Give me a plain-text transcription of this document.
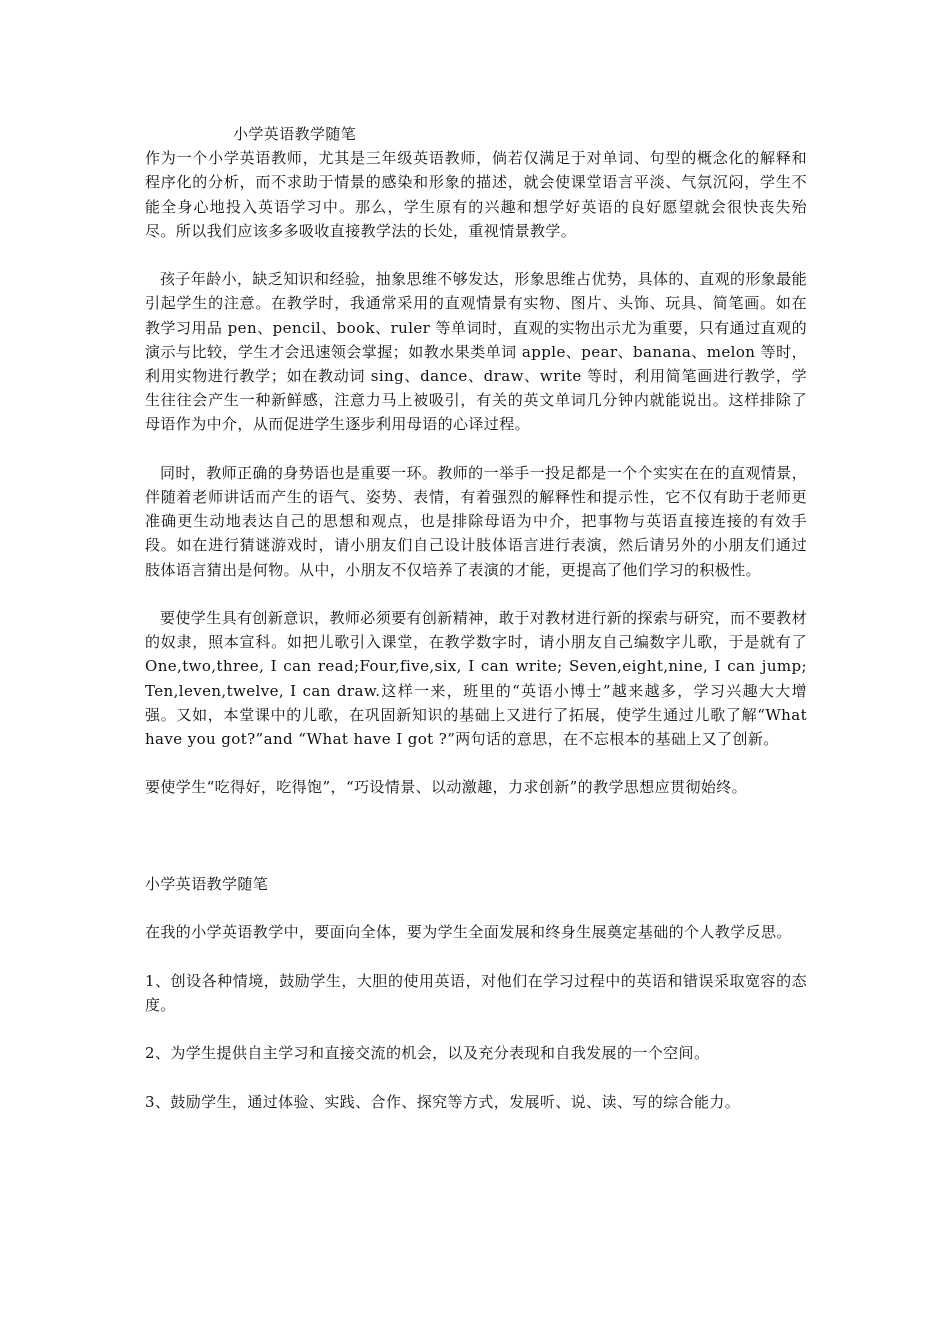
小学英语教学随笔

作为一个小学英语教师，尤其是三年级英语教师，倘若仅满足于对单词、句型的概念化的解释和程序化的分析，而不求助于情景的感染和形象的描述，就会使课堂语言平淡、气氛沉闷，学生不能全身心地投入英语学习中。那么，学生原有的兴趣和想学好英语的良好愿望就会很快丧失殆尽。所以我们应该多多吸收直接教学法的长处，重视情景教学。

孩子年龄小，缺乏知识和经验，抽象思维不够发达，形象思维占优势，具体的、直观的形象最能引起学生的注意。在教学时，我通常采用的直观情景有实物、图片、头饰、玩具、简笔画。如在教学习用品 pen、pencil、book、ruler 等单词时，直观的实物出示尤为重要，只有通过直观的演示与比较，学生才会迅速领会掌握；如教水果类单词 apple、pear、banana、melon 等时，利用实物进行教学；如在教动词 sing、dance、draw、write 等时，利用简笔画进行教学，学生往往会产生一种新鲜感，注意力马上被吸引，有关的英文单词几分钟内就能说出。这样排除了母语作为中介，从而促进学生逐步利用母语的心译过程。

同时，教师正确的身势语也是重要一环。教师的一举手一投足都是一个个实实在在的直观情景，伴随着老师讲话而产生的语气、姿势、表情，有着强烈的解释性和提示性，它不仅有助于老师更准确更生动地表达自己的思想和观点，也是排除母语为中介，把事物与英语直接连接的有效手段。如在进行猜谜游戏时，请小朋友们自己设计肢体语言进行表演，然后请另外的小朋友们通过肢体语言猜出是何物。从中，小朋友不仅培养了表演的才能，更提高了他们学习的积极性。

要使学生具有创新意识，教师必须要有创新精神，敢于对教材进行新的探索与研究，而不要教材的奴隶，照本宣科。如把儿歌引入课堂，在教学数字时，请小朋友自己编数字儿歌，于是就有了 One,two,three, I can read;Four,five,six, I can write; Seven,eight,nine, I can jump; Ten,leven,twelve, I can draw.这样一来，班里的“英语小博士”越来越多，学习兴趣大大增强。又如，本堂课中的儿歌，在巩固新知识的基础上又进行了拓展，使学生通过儿歌了解“What have you got?”and “What have I got ?”两句话的意思，在不忘根本的基础上又了创新。

要使学生“吃得好，吃得饱”，“巧设情景、以动激趣，力求创新”的教学思想应贯彻始终。

小学英语教学随笔

在我的小学英语教学中，要面向全体，要为学生全面发展和终身生展奠定基础的个人教学反思。

1、创设各种情境，鼓励学生，大胆的使用英语，对他们在学习过程中的英语和错误采取宽容的态度。

2、为学生提供自主学习和直接交流的机会，以及充分表现和自我发展的一个空间。

3、鼓励学生，通过体验、实践、合作、探究等方式，发展听、说、读、写的综合能力。
